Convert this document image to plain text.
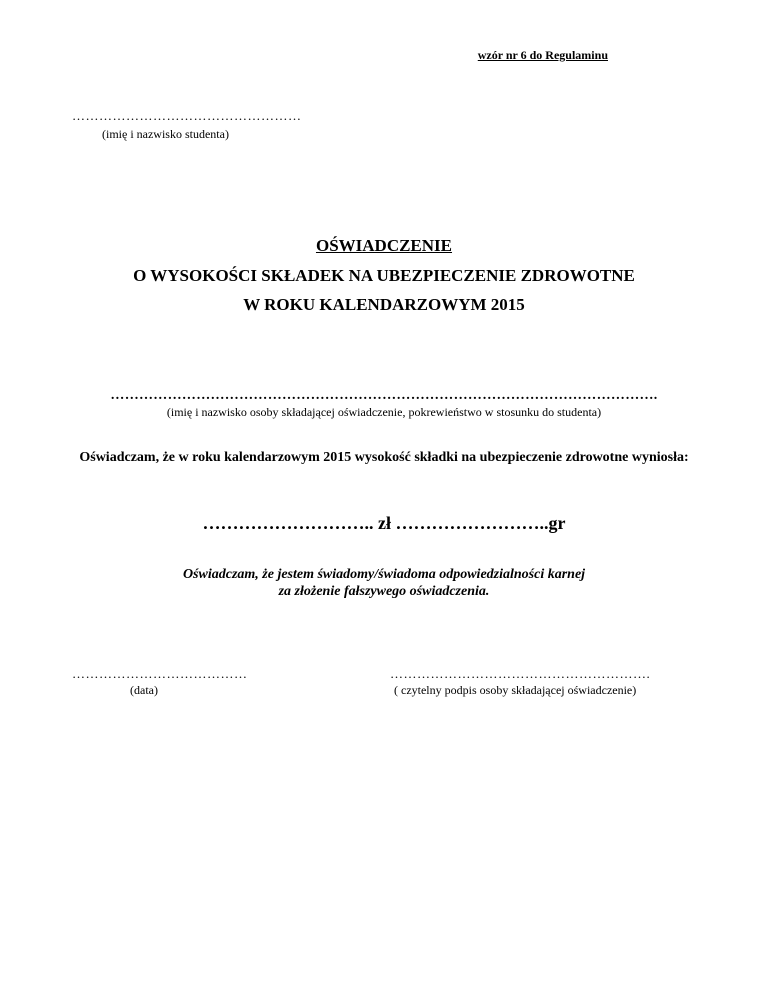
wzór nr 6 do Regulaminu
……………………………………………
(imię i nazwisko studenta)
OŚWIADCZENIE
O WYSOKOŚCI SKŁADEK NA UBEZPIECZENIE ZDROWOTNE
W ROKU KALENDARZOWYM 2015
…………………………………………………………………………………………………….
(imię i nazwisko osoby składającej oświadczenie, pokrewieństwo w stosunku do studenta)
Oświadczam, że w roku kalendarzowym 2015 wysokość składki na ubezpieczenie zdrowotne wyniosła:
……………………….. zł ……………………..gr
Oświadczam, że jestem świadomy/świadoma odpowiedzialności karnej
za złożenie fałszywego oświadczenia.
…………………………………
(data)
………………………………………………….
( czytelny podpis osoby składającej oświadczenie)
